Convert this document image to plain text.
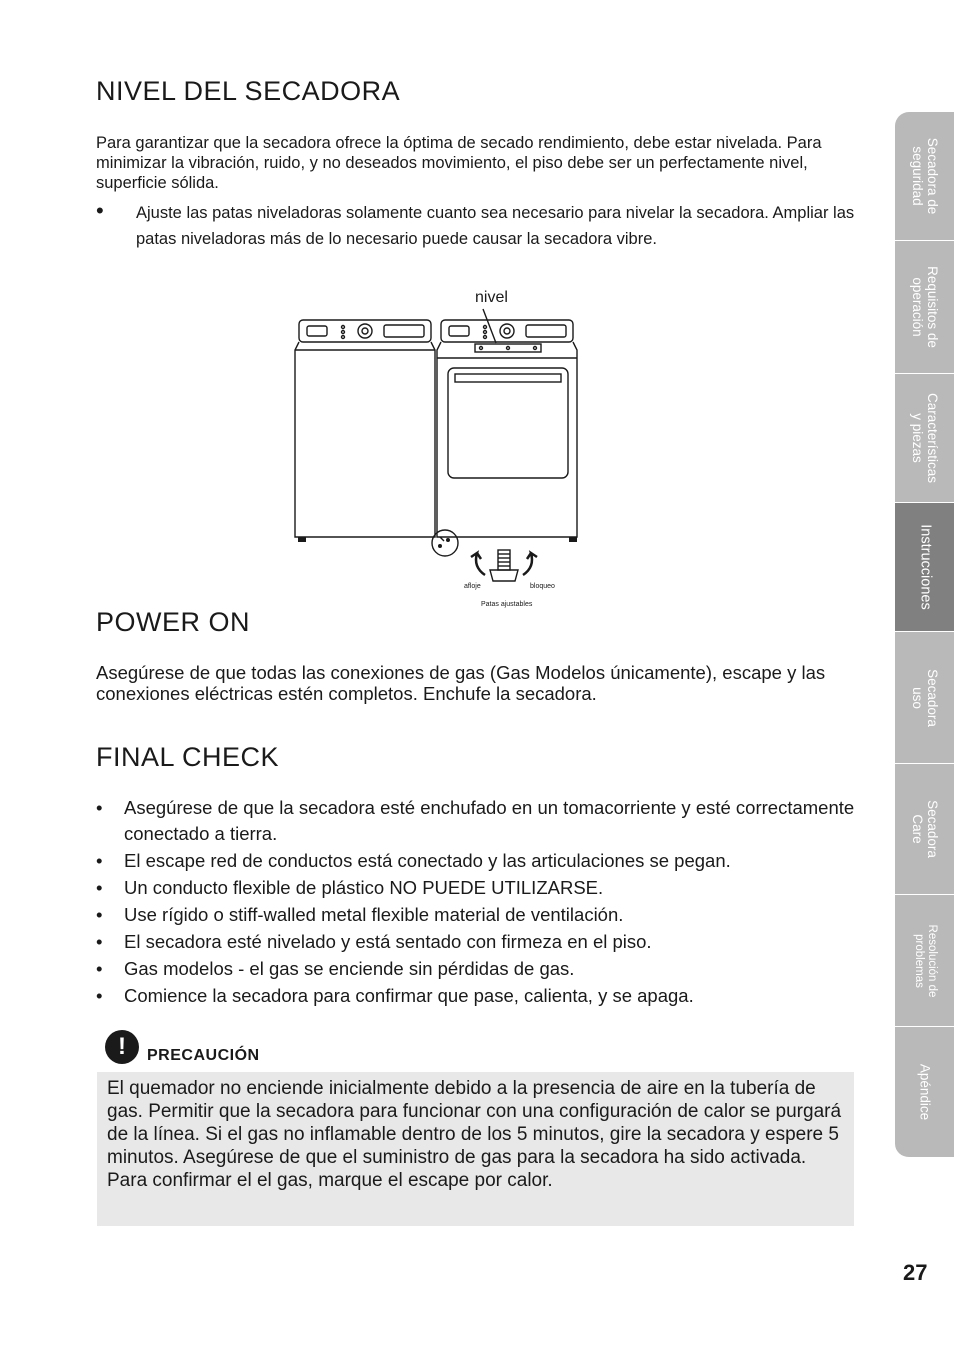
NIVEL DEL SECADORA

Para garantizar que la secadora ofrece la óptima de secado rendimiento, debe estar nivelada. Para minimizar la vibración, ruido, y no deseados movimiento, el piso debe ser un perfectamente nivel, superficie sólida.

• Ajuste las patas niveladoras solamente cuanto sea necesario para nivelar la secadora. Ampliar las patas niveladoras más de lo necesario puede causar la secadora vibre.
nivel
afloje	bloqueo
Patas ajustables
POWER ON

Asegúrese de que todas las conexiones de gas (Gas Modelos únicamente), escape y las conexiones eléctricas estén completos. Enchufe la secadora.

FINAL CHECK
• Asegúrese de que la secadora esté enchufado en un tomacorriente y esté correctamente conectado a tierra.
• El escape red de conductos está conectado y las articulaciones se pegan.
• Un conducto flexible de plástico NO PUEDE UTILIZARSE.
• Use rígido o stiff-walled metal flexible material de ventilación.
• El secadora esté nivelado y está sentado con firmeza en el piso.
• Gas modelos - el gas se enciende sin pérdidas de gas.
• Comience la secadora para confirmar que pase, calienta, y se apaga.
!	PRECAUCIÓN

El quemador no enciende inicialmente debido a la presencia de aire en la tubería de gas. Permitir que la secadora para funcionar con una configuración de calor se purgará de la línea. Si el gas no inflamable dentro de los 5 minutos, gire la secadora y espere 5 minutos. Asegúrese de que el suministro de gas para la secadora ha sido activada. Para confirmar el el gas, marque el escape por calor.

Secadora de
seguridad
Requisitos de
operación
Características
y piezas
Instrucciones
Secadora
uso
Secadora
Care
Resolución de
problemas
Apéndice
27
